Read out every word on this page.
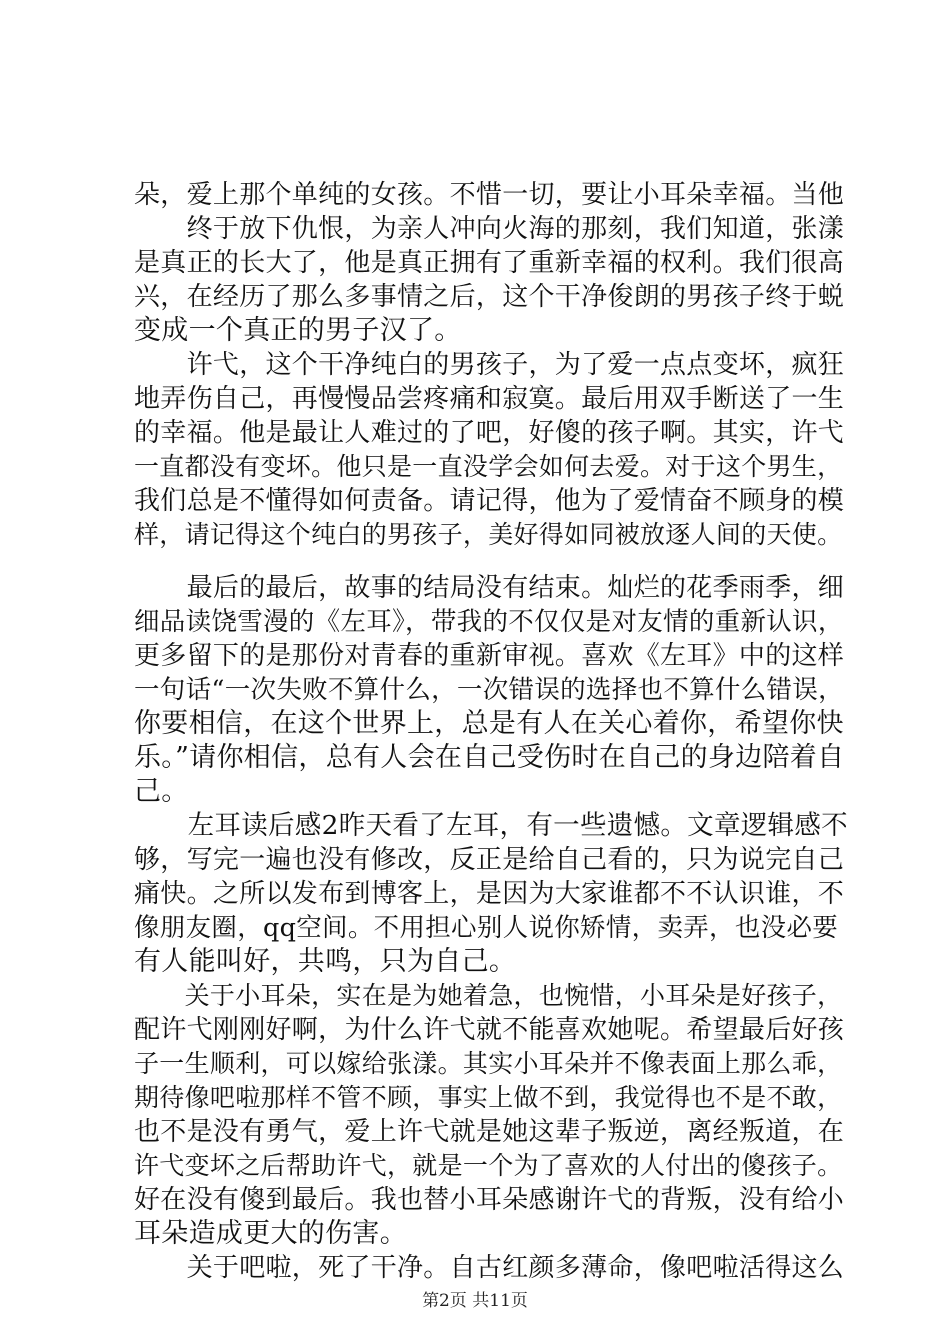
朵，爱上那个单纯的女孩。不惜一切，要让小耳朵幸福。当他
　　终于放下仇恨，为亲人冲向火海的那刻，我们知道，张漾
是真正的长大了，他是真正拥有了重新幸福的权利。我们很高
兴，在经历了那么多事情之后，这个干净俊朗的男孩子终于蜕
变成一个真正的男子汉了。
　　许弋，这个干净纯白的男孩子，为了爱一点点变坏，疯狂
地弄伤自己，再慢慢品尝疼痛和寂寞。最后用双手断送了一生
的幸福。他是最让人难过的了吧，好傻的孩子啊。其实，许弋
一直都没有变坏。他只是一直没学会如何去爱。对于这个男生，
我们总是不懂得如何责备。请记得，他为了爱情奋不顾身的模
样，请记得这个纯白的男孩子，美好得如同被放逐人间的天使。
　　最后的最后，故事的结局没有结束。灿烂的花季雨季，细
细品读饶雪漫的《左耳》，带我的不仅仅是对友情的重新认识，
更多留下的是那份对青春的重新审视。喜欢《左耳》中的这样
一句话“一次失败不算什么，一次错误的选择也不算什么错误，
你要相信，在这个世界上，总是有人在关心着你，希望你快
乐。”请你相信，总有人会在自己受伤时在自己的身边陪着自
己。
　　左耳读后感2昨天看了左耳，有一些遗憾。文章逻辑感不
够，写完一遍也没有修改，反正是给自己看的，只为说完自己
痛快。之所以发布到博客上，是因为大家谁都不不认识谁，不
像朋友圈，qq空间。不用担心别人说你矫情，卖弄，也没必要
有人能叫好，共鸣，只为自己。
　　关于小耳朵，实在是为她着急，也惋惜，小耳朵是好孩子，
配许弋刚刚好啊，为什么许弋就不能喜欢她呢。希望最后好孩
子一生顺利，可以嫁给张漾。其实小耳朵并不像表面上那么乖，
期待像吧啦那样不管不顾，事实上做不到，我觉得也不是不敢，
也不是没有勇气，爱上许弋就是她这辈子叛逆，离经叛道，在
许弋变坏之后帮助许弋，就是一个为了喜欢的人付出的傻孩子。
好在没有傻到最后。我也替小耳朵感谢许弋的背叛，没有给小
耳朵造成更大的伤害。
　　关于吧啦，死了干净。自古红颜多薄命，像吧啦活得这么
第2页 共11页
